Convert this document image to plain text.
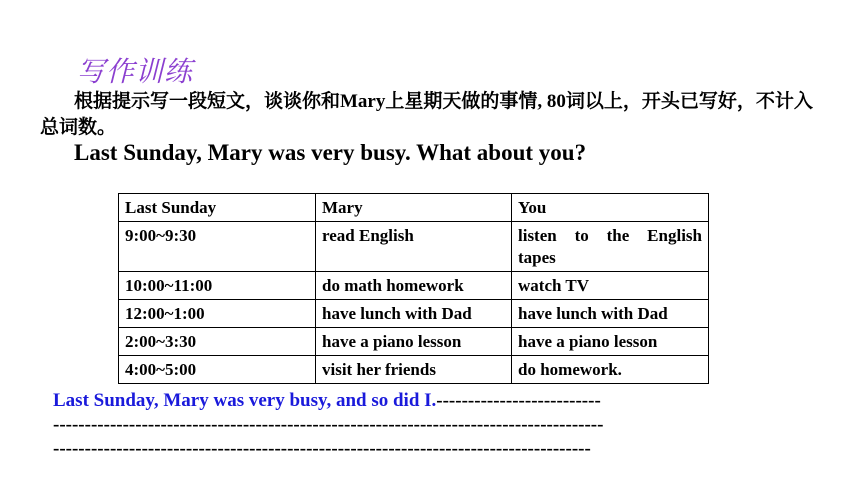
写作训练
根据提示写一段短文，谈谈你和Mary上星期天做的事情, 80词以上，开头已写好，不计入总词数。
Last Sunday, Mary was very busy. What about you?
Last Sunday	Mary	You
9:00~9:30	read English	listen to the English tapes
10:00~11:00	do math homework	watch TV
12:00~1:00	have lunch with Dad	have lunch with Dad
2:00~3:30	have a piano lesson	have a piano lesson
4:00~5:00	visit her friends	do homework.
Last Sunday, Mary was very busy, and so did I.--------------------------
---------------------------------------------------------------------------------------
-------------------------------------------------------------------------------------
